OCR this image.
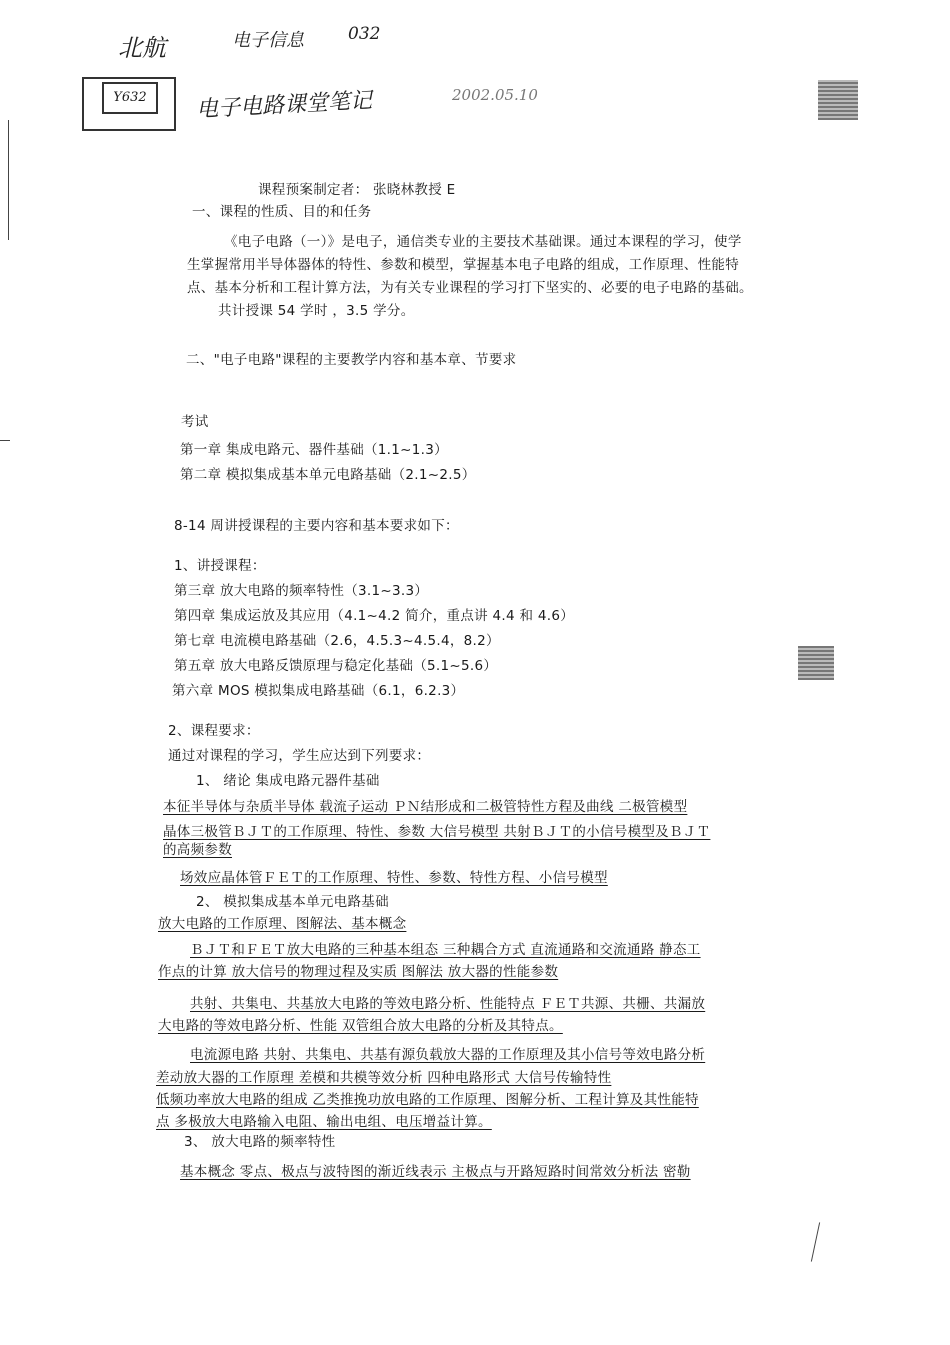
北航	电子信息	032
Y632	电子电路课堂笔记	2002.05.10
课程预案制定者： 张晓林教授 E
一、课程的性质、目的和任务
《电子电路（一）》是电子，通信类专业的主要技术基础课。通过本课程的学习，使学
生掌握常用半导体器体的特性、参数和模型，掌握基本电子电路的组成，工作原理、性能特
点、基本分析和工程计算方法，为有关专业课程的学习打下坚实的、必要的电子电路的基础。
共计授课 54 学时 ，3.5 学分。
二、"电子电路"课程的主要教学内容和基本章、节要求
考试
第一章 集成电路元、器件基础（1.1~1.3）
第二章 模拟集成基本单元电路基础（2.1~2.5）
8-14 周讲授课程的主要内容和基本要求如下：
1、讲授课程：
第三章 放大电路的频率特性（3.1~3.3）
第四章 集成运放及其应用（4.1~4.2 简介，重点讲 4.4 和 4.6）
第七章 电流模电路基础（2.6，4.5.3~4.5.4，8.2）
第五章 放大电路反馈原理与稳定化基础（5.1~5.6）
第六章 MOS 模拟集成电路基础（6.1，6.2.3）
2、课程要求：
通过对课程的学习，学生应达到下列要求：
1、 绪论 集成电路元器件基础
本征半导体与杂质半导体 载流子运动 ＰＮ结形成和二极管特性方程及曲线 二极管模型
晶体三极管ＢＪＴ的工作原理、特性、参数 大信号模型 共射ＢＪＴ的小信号模型及ＢＪＴ
的高频参数
场效应晶体管ＦＥＴ的工作原理、特性、参数、特性方程、小信号模型
2、 模拟集成基本单元电路基础
放大电路的工作原理、图解法、基本概念
ＢＪＴ和ＦＥＴ放大电路的三种基本组态 三种耦合方式 直流通路和交流通路 静态工
作点的计算 放大信号的物理过程及实质 图解法 放大器的性能参数
共射、共集电、共基放大电路的等效电路分析、性能特点 ＦＥＴ共源、共栅、共漏放
大电路的等效电路分析、性能 双管组合放大电路的分析及其特点。
电流源电路 共射、共集电、共基有源负载放大器的工作原理及其小信号等效电路分析
差动放大器的工作原理 差模和共模等效分析 四种电路形式 大信号传输特性
低频功率放大电路的组成 乙类推挽功放电路的工作原理、图解分析、工程计算及其性能特
点 多极放大电路输入电阻、输出电组、电压增益计算。
3、 放大电路的频率特性
基本概念 零点、极点与波特图的渐近线表示 主极点与开路短路时间常效分析法 密勒
